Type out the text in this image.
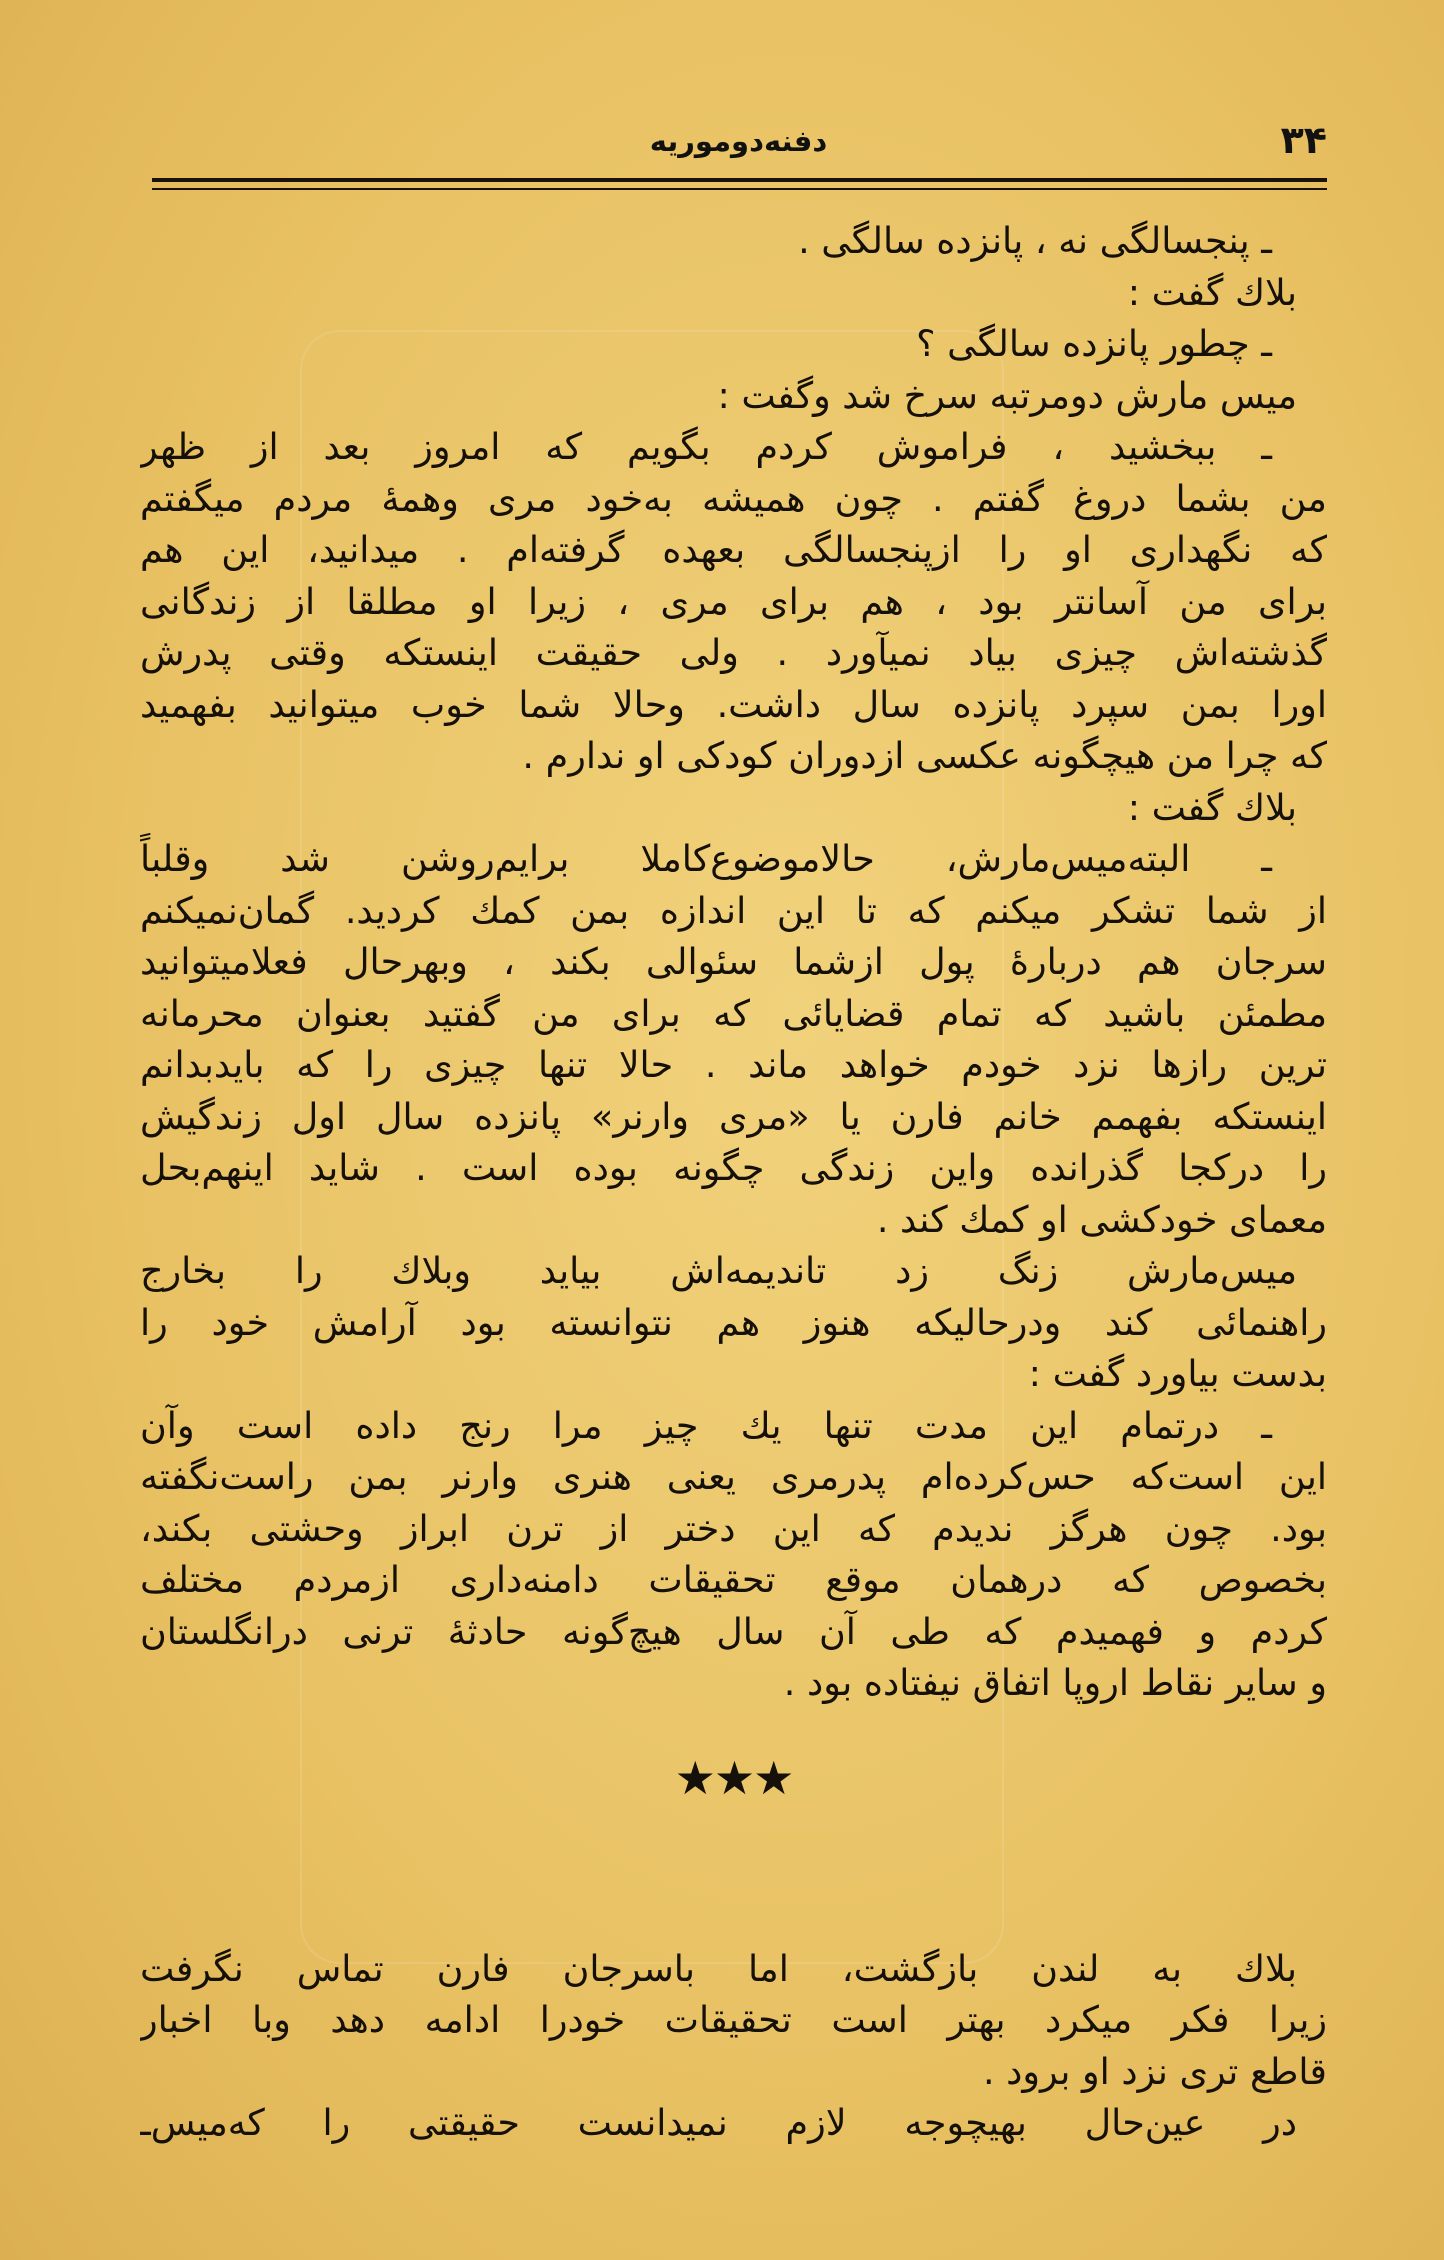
۳۴
دفنه‌دوموریه
ـ پنجسالگی نه ، پانزده سالگی .
بلاك گفت :
ـ چطور پانزده سالگی ؟
میس مارش دومرتبه سرخ شد وگفت :
ـ ببخشید ، فراموش کردم بگویم که امروز بعد از ظهر
من بشما دروغ گفتم . چون همیشه به‌خود مری وهمهٔ مردم میگفتم
که نگهداری او را ازپنجسالگی بعهده گرفته‌ام . میدانید، این هم
برای من آسانتر بود ، هم برای مری ، زیرا او مطلقا از زندگانی
گذشته‌اش چیزی بیاد نمیآورد . ولی حقیقت اینستکه وقتی پدرش
اورا بمن سپرد پانزده سال داشت. وحالا شما خوب میتوانید بفهمید
که چرا من هیچگونه عکسی ازدوران کودکی او ندارم .
بلاك گفت :
ـ البته‌میس‌مارش، حالاموضوع‌کاملا برایم‌روشن شد وقلباً
از شما تشکر میکنم که تا این اندازه بمن کمك کردید. گمان‌نمیکنم
سرجان هم دربارهٔ پول ازشما سئوالی بکند ، وبهرحال فعلامیتوانید
مطمئن باشید که تمام قضایائی که برای من گفتید بعنوان محرمانه
ترین رازها نزد خودم خواهد ماند . حالا تنها چیزی را که بایدبدانم
اینستکه بفهمم خانم فارن یا «مری وارنر» پانزده سال اول زندگیش
را درکجا گذرانده واین زندگی چگونه بوده است . شاید اینهم‌بحل
معمای خودکشی او کمك کند .
میس‌مارش زنگ زد تاندیمه‌اش بیاید وبلاك را بخارج
راهنمائی کند ودرحالیکه هنوز هم نتوانسته بود آرامش خود را
بدست بیاورد گفت :
ـ درتمام این مدت تنها یك چیز مرا رنج داده است وآن
این است‌که حس‌کرده‌ام پدرمری یعنی هنری وارنر بمن راست‌نگفته
بود. چون هرگز ندیدم که این دختر از ترن ابراز وحشتی بکند،
بخصوص که درهمان موقع تحقیقات دامنه‌داری ازمردم مختلف
کردم و فهمیدم که طی آن سال هیچ‌گونه حادثهٔ ترنی درانگلستان
و سایر نقاط اروپا اتفاق نیفتاده بود .
★★★
بلاك به لندن بازگشت، اما باسرجان فارن تماس نگرفت
زیرا فکر میکرد بهتر است تحقیقات خودرا ادامه دهد وبا اخبار
قاطع تری نزد او برود .
در عین‌حال بهیچوجه لازم نمیدانست حقیقتی را که‌میس‌ـ
